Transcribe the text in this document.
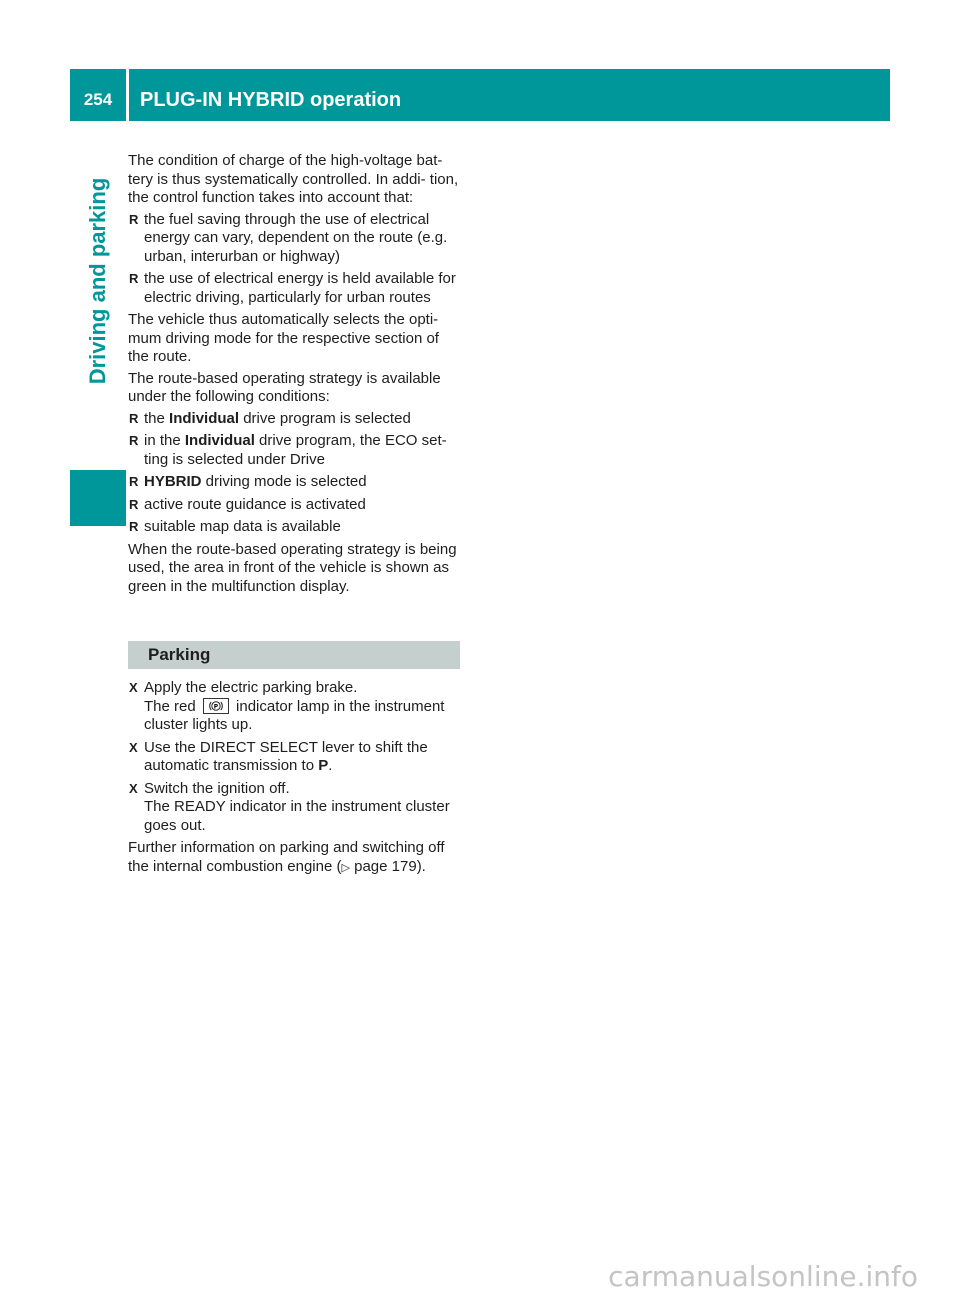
254	PLUG-IN HYBRID operation
Driving and parking

The condition of charge of the high-voltage bat- tery is thus systematically controlled. In addi- tion, the control function takes into account that:

R the fuel saving through the use of electrical energy can vary, dependent on the route (e.g. urban, interurban or highway)
R the use of electrical energy is held available for electric driving, particularly for urban routes

The vehicle thus automatically selects the opti- mum driving mode for the respective section of the route.

The route-based operating strategy is available under the following conditions:

R the Individual drive program is selected
R in the Individual drive program, the ECO set- ting is selected under Drive
R HYBRID driving mode is selected
R active route guidance is activated
R suitable map data is available

When the route-based operating strategy is being used, the area in front of the vehicle is shown as green in the multifunction display.

Parking
X Apply the electric parking brake.
The red P indicator lamp in the instrument cluster lights up.
X Use the DIRECT SELECT lever to shift the automatic transmission to P.
X Switch the ignition off.
The READY indicator in the instrument cluster goes out.

Further information on parking and switching off the internal combustion engine (▷ page 179).

carmanualsonline.info
